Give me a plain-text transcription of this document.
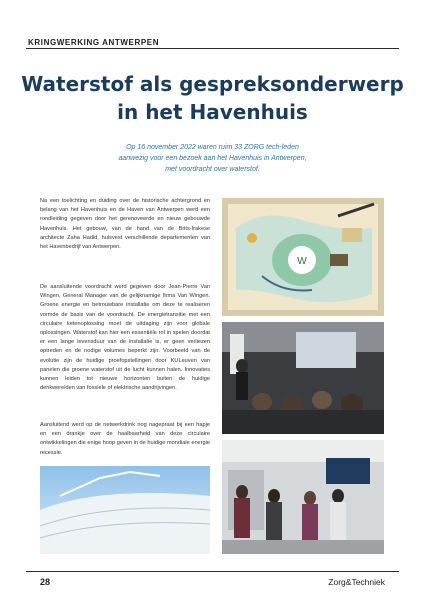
KRINGWERKING ANTWERPEN
Waterstof als gespreksonderwerp
in het Havenhuis
Op 16 november 2022 waren ruim 33 ZORG tech-leden
aanwezig voor een bezoek aan het Havenhuis in Antwerpen,
met voordracht over waterstof.

Na een toelichting en duiding over de historische achtergrond en belang van het Havenhuis en de Haven van Antwerpen werd een rondleiding gegeven door het gerenoveerde en nieuw gebouwde Havenhuis. Het gebouw, van de hand van de Brits-Irakese architecte Zaha Hadid, huisvest verschillende departementen van het Havenbedrijf van Antwerpen.

De aansluitende voordracht werd gegeven door Jean-Pierre Van Wingen, General Manager van de gelijknamige firma Van Wingen. Groene energie en betrouwbare installatie om deze te realiseren vormde de basis van de voordracht. De energietransitie met een circulaire ketenoplossing moet de uitdaging zijn voor globale oplossingen. Waterstof kan hier een essentiële rol in spelen doordat er een lange levensduur van de installatie is, er geen verliezen optreden en de nodige volumes beperkt zijn. Voorbeeld van de evolutie zijn de huidige proefopstellingen door KULeuven van panelen die groene waterstof uit de lucht kunnen halen. Innovaties kunnen leiden tot nieuwe horizonten buiten de huidige denkwerelden van fossiele of elektrische aandrijvingen.

Aansluitend werd op de netwerkdrink nog nagepraat bij een hapje en een drankje over de haalbaarheid van deze circulaire ontwikkelingen die enige hoop geven in de huidige mondiale energie recessie.

W
28	Zorg&Techniek
